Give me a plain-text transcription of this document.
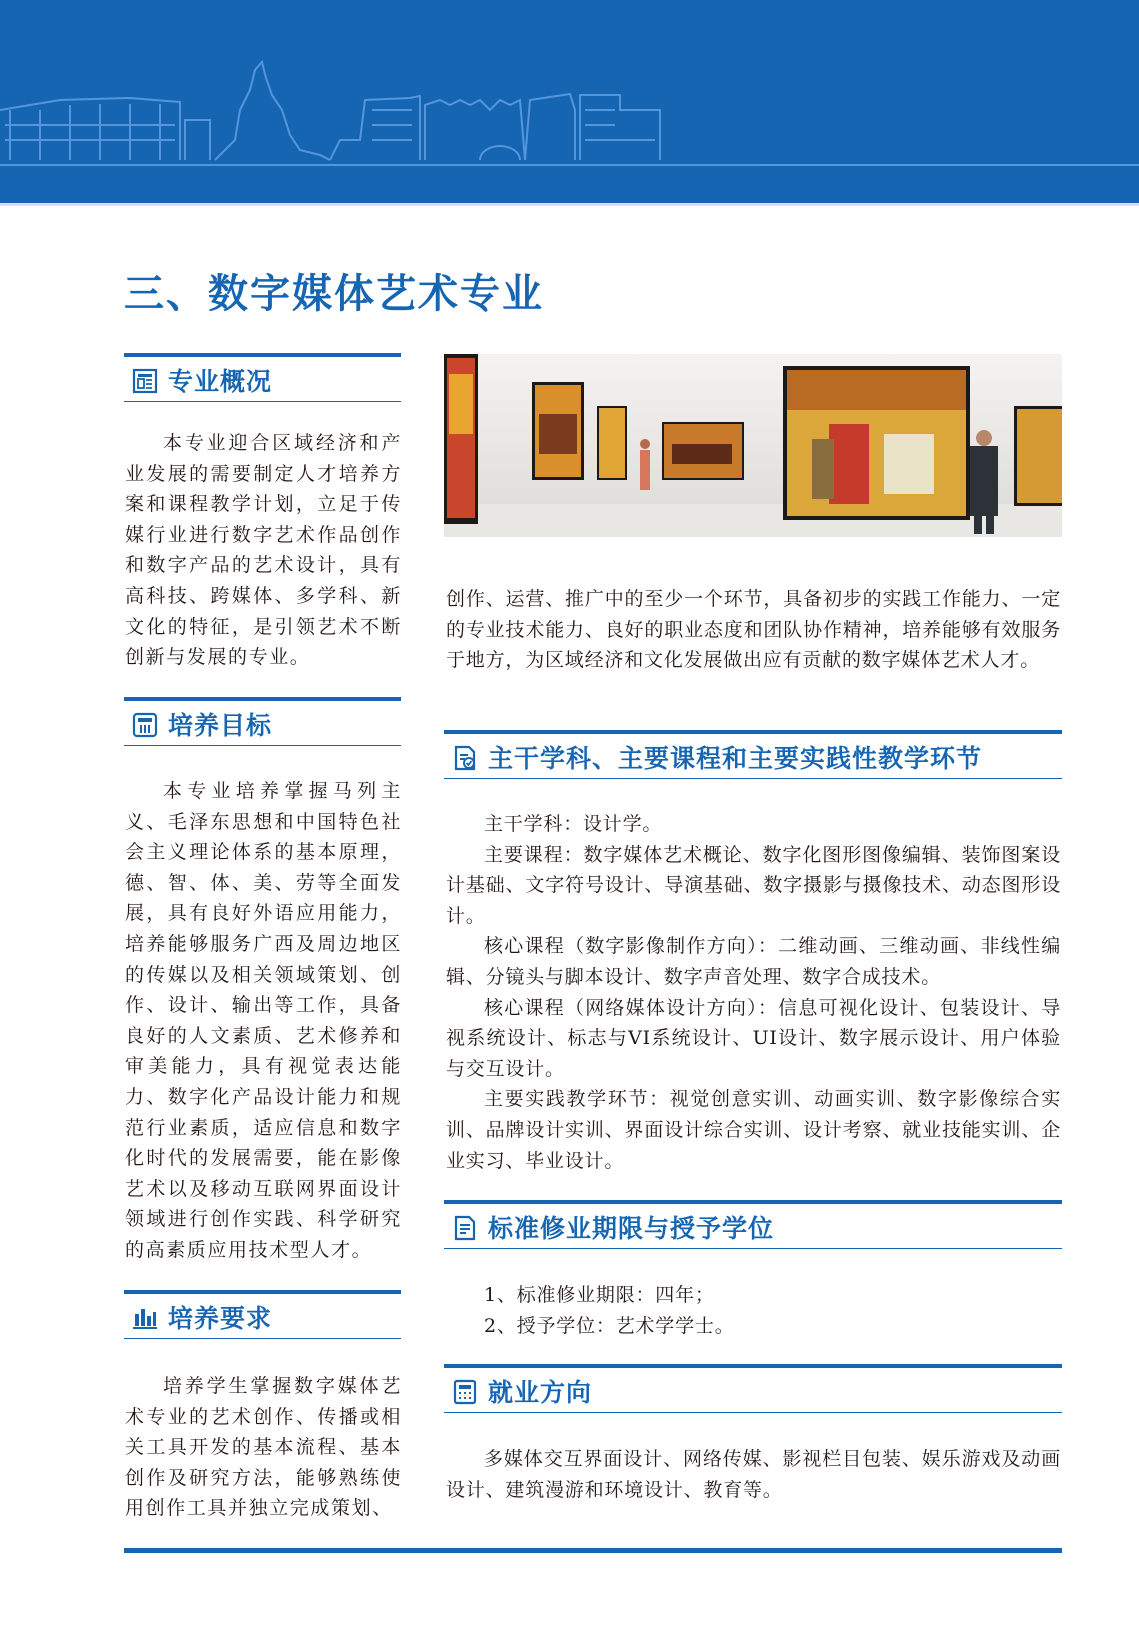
三、数字媒体艺术专业
专业概况

本专业迎合区域经济和产业发展的需要制定人才培养方案和课程教学计划，立足于传媒行业进行数字艺术作品创作和数字产品的艺术设计，具有高科技、跨媒体、多学科、新文化的特征，是引领艺术不断创新与发展的专业。

培养目标

本专业培养掌握马列主义、毛泽东思想和中国特色社会主义理论体系的基本原理，德、智、体、美、劳等全面发展，具有良好外语应用能力，培养能够服务广西及周边地区的传媒以及相关领域策划、创作、设计、输出等工作，具备良好的人文素质、艺术修养和审美能力，具有视觉表达能力、数字化产品设计能力和规范行业素质，适应信息和数字化时代的发展需要，能在影像艺术以及移动互联网界面设计领域进行创作实践、科学研究的高素质应用技术型人才。

培养要求

培养学生掌握数字媒体艺术专业的艺术创作、传播或相关工具开发的基本流程、基本创作及研究方法，能够熟练使用创作工具并独立完成策划、

创作、运营、推广中的至少一个环节，具备初步的实践工作能力、一定的专业技术能力、良好的职业态度和团队协作精神，培养能够有效服务于地方，为区域经济和文化发展做出应有贡献的数字媒体艺术人才。

主干学科、主要课程和主要实践性教学环节

主干学科：设计学。

主要课程：数字媒体艺术概论、数字化图形图像编辑、装饰图案设计基础、文字符号设计、导演基础、数字摄影与摄像技术、动态图形设计。

核心课程（数字影像制作方向）：二维动画、三维动画、非线性编辑、分镜头与脚本设计、数字声音处理、数字合成技术。

核心课程（网络媒体设计方向）：信息可视化设计、包装设计、导视系统设计、标志与VI系统设计、UI设计、数字展示设计、用户体验与交互设计。

主要实践教学环节：视觉创意实训、动画实训、数字影像综合实训、品牌设计实训、界面设计综合实训、设计考察、就业技能实训、企业实习、毕业设计。

标准修业期限与授予学位

1、标准修业期限：四年；

2、授予学位：艺术学学士。

就业方向

多媒体交互界面设计、网络传媒、影视栏目包装、娱乐游戏及动画设计、建筑漫游和环境设计、教育等。
